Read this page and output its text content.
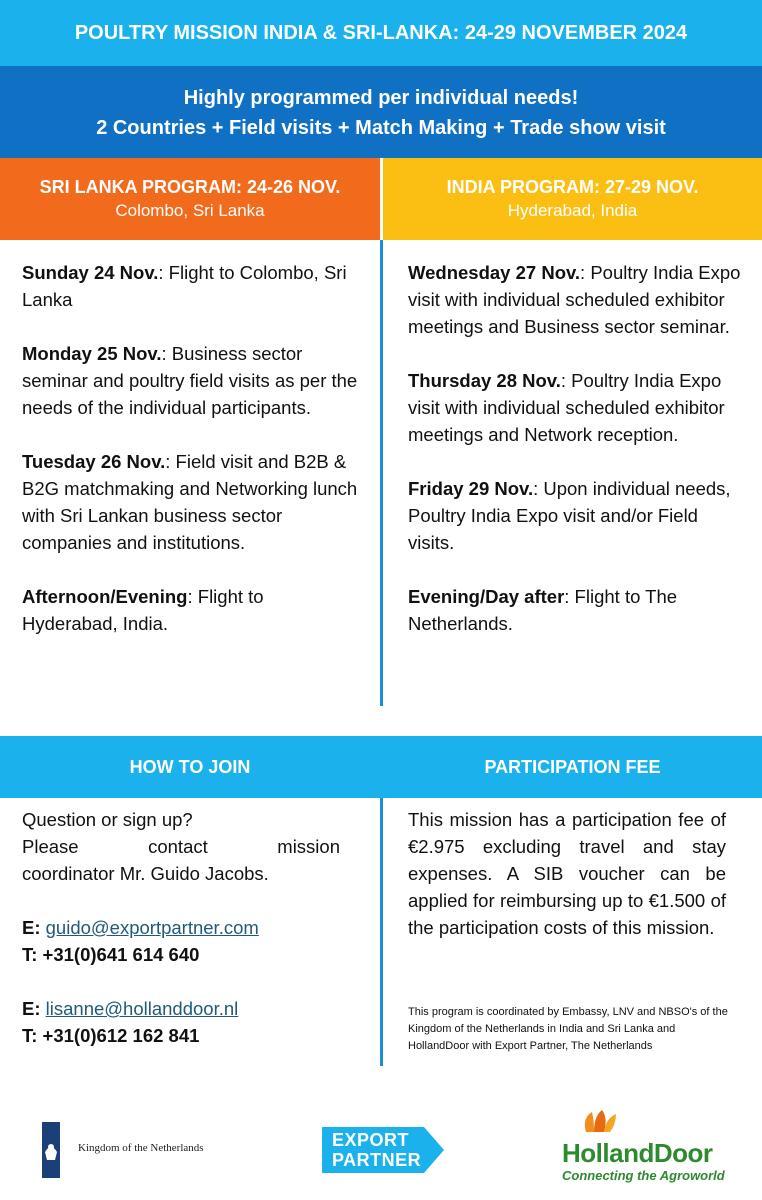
POULTRY MISSION INDIA & SRI-LANKA: 24-29 NOVEMBER 2024
Highly programmed per individual needs!
2 Countries + Field visits + Match Making + Trade show visit
SRI LANKA PROGRAM: 24-26 NOV.
Colombo, Sri Lanka
INDIA PROGRAM: 27-29 NOV.
Hyderabad, India

Sunday 24 Nov.: Flight to Colombo, Sri Lanka

Monday 25 Nov.: Business sector seminar and poultry field visits as per the needs of the individual participants.

Tuesday 26 Nov.: Field visit and B2B & B2G matchmaking and Networking lunch with Sri Lankan business sector companies and institutions.

Afternoon/Evening: Flight to Hyderabad, India.

Wednesday 27 Nov.: Poultry India Expo visit with individual scheduled exhibitor meetings and Business sector seminar.

Thursday 28 Nov.: Poultry India Expo visit with individual scheduled exhibitor meetings and Network reception.

Friday 29 Nov.: Upon individual needs, Poultry India Expo visit and/or Field visits.

Evening/Day after: Flight to The Netherlands.

HOW TO JOIN	PARTICIPATION FEE
Question or sign up?
Please contact mission
coordinator Mr. Guido Jacobs.
E: guido@exportpartner.com
T: +31(0)641 614 640
E: lisanne@hollanddoor.nl
T: +31(0)612 162 841
This mission has a participation fee of €2.975 excluding travel and stay expenses. A SIB voucher can be applied for reimbursing up to €1.500 of the participation costs of this mission.
This program is coordinated by Embassy, LNV and NBSO's of the Kingdom of the Netherlands in India and Sri Lanka and HollandDoor with Export Partner, The Netherlands
Kingdom of the Netherlands	EXPORT
PARTNER	HollandDoor
Connecting the Agroworld
